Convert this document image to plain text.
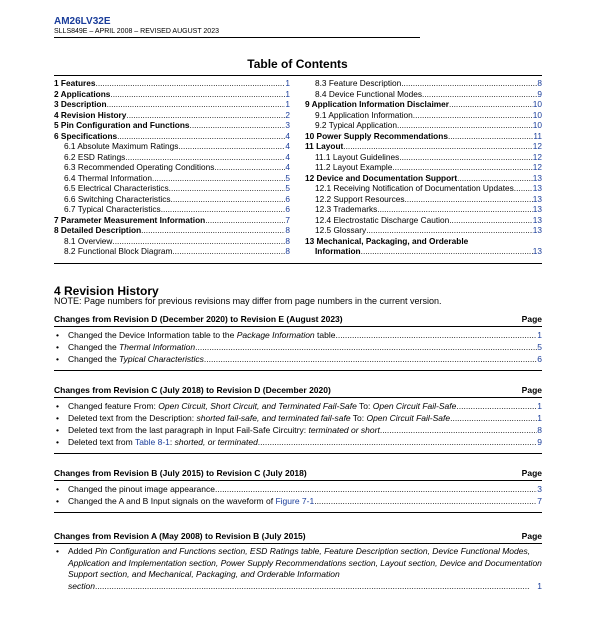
AM26LV32E
SLLS849E – APRIL 2008 – REVISED AUGUST 2023
Table of Contents
1 Features .....	1
2 Applications .....	1
3 Description .....	1
4 Revision History .....	2
5 Pin Configuration and Functions .....	3
6 Specifications .....	4
6.1 Absolute Maximum Ratings .....	4
6.2 ESD Ratings .....	4
6.3 Recommended Operating Conditions .....	4
6.4 Thermal Information .....	5
6.5 Electrical Characteristics .....	5
6.6 Switching Characteristics .....	6
6.7 Typical Characteristics .....	6
7 Parameter Measurement Information .....	7
8 Detailed Description .....	8
8.1 Overview .....	8
8.2 Functional Block Diagram .....	8
8.3 Feature Description .....	8
8.4 Device Functional Modes .....	9
9 Application Information Disclaimer .....	10
9.1 Application Information .....	10
9.2 Typical Application .....	10
10 Power Supply Recommendations .....	11
11 Layout .....	12
11.1 Layout Guidelines .....	12
11.2 Layout Example .....	12
12 Device and Documentation Support .....	13
12.1 Receiving Notification of Documentation Updates ..... 13
12.2 Support Resources .....	13
12.3 Trademarks .....	13
12.4 Electrostatic Discharge Caution .....	13
12.5 Glossary .....	13
13 Mechanical, Packaging, and Orderable
Information .....	13
4 Revision History
NOTE: Page numbers for previous revisions may differ from page numbers in the current version.
Changes from Revision D (December 2020) to Revision E (August 2023)	Page
•	Changed the Device Information table to the Package Information table .....	1
•	Changed the Thermal Information .....	5
•	Changed the Typical Characteristics .....	6
Changes from Revision C (July 2018) to Revision D (December 2020)	Page
•	Changed feature From: Open Circuit, Short Circuit, and Terminated Fail-Safe To: Open Circuit Fail-Safe .....	1
•	Deleted text from the Description: shorted fail-safe, and terminated fail-safe To: Open Circuit Fail-Safe .....	1
•	Deleted text from the last paragraph in Input Fail-Safe Circuitry: terminated or short .....	8
•	Deleted text from Table 8-1: shorted, or terminated .....	9
Changes from Revision B (July 2015) to Revision C (July 2018)	Page
•	Changed the pinout image appearance .....	3
•	Changed the A and B Input signals on the waveform of Figure 7-1 .....	7
Changes from Revision A (May 2008) to Revision B (July 2015)	Page
•	Added Pin Configuration and Functions section, ESD Ratings table, Feature Description section, Device Functional Modes, Application and Implementation section, Power Supply Recommendations section, Layout section, Device and Documentation Support section, and Mechanical, Packaging, and Orderable Information
section .....	1
